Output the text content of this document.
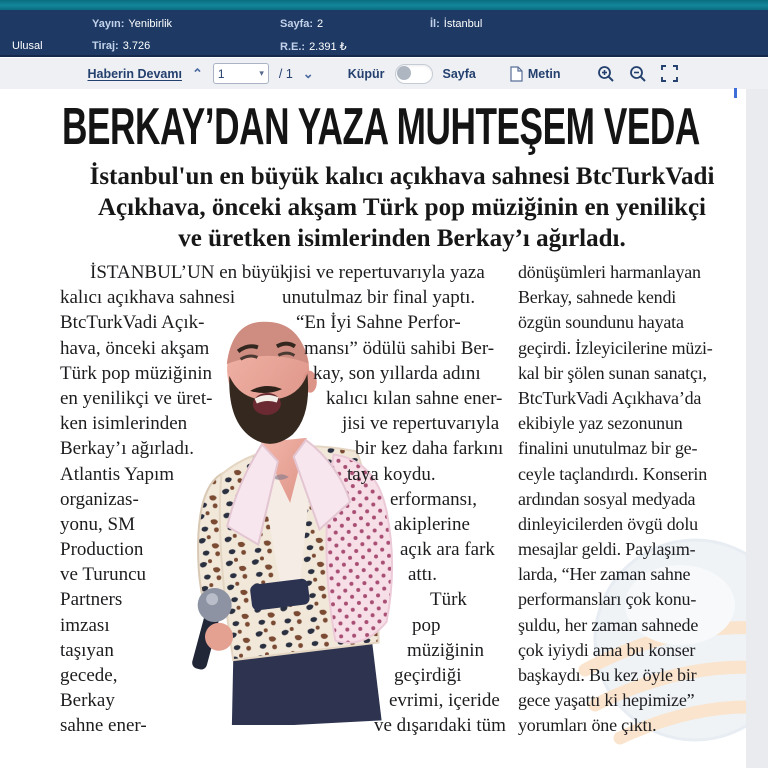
Ulusal
Yayın: Yenibirlik	Sayfa: 2	İl: İstanbul
Tiraj: 3.726	R.E.: 2.391 ₺
Haberin Devamı ⌃ 1	▾ / 1 ⌄	Küpür	Sayfa	Metin
BERKAY’DAN YAZA MUHTEŞEM VEDA
İstanbul'un en büyük kalıcı açıkhava sahnesi BtcTurkVadi
Açıkhava, önceki akşam Türk pop müziğinin en yenilikçi
ve üretken isimlerinden Berkay’ı ağırladı.
İSTANBUL’UN en büyük
kalıcı açıkhava sahnesi
BtcTurkVadi Açık-
hava, önceki akşam
Türk pop müziğinin
en yenilikçi ve üret-
ken isimlerinden
Berkay’ı ağırladı.
Atlantis Yapım
organizas-
yonu, SM
Production
ve Turuncu
Partners
imzası
taşıyan
gecede,
Berkay
sahne ener-
jisi ve repertuvarıyla yaza
unutulmaz bir final yaptı.
“En İyi Sahne Perfor-
mansı” ödülü sahibi Ber-
kay, son yıllarda adını
kalıcı kılan sahne ener-
jisi ve repertuvarıyla
bir kez daha farkını
taya koydu.
erformansı,
akiplerine
açık ara fark
attı.
Türk
pop
müziğinin
geçirdiği
evrimi, içeride
ve dışarıdaki tüm
dönüşümleri harmanlayan
Berkay, sahnede kendi
özgün soundunu hayata
geçirdi. İzleyicilerine müzi-
kal bir şölen sunan sanatçı,
BtcTurkVadi Açıkhava’da
ekibiyle yaz sezonunun
finalini unutulmaz bir ge-
ceyle taçlandırdı. Konserin
ardından sosyal medyada
dinleyicilerden övgü dolu
mesajlar geldi. Paylaşım-
larda, “Her zaman sahne
performansları çok konu-
şuldu, her zaman sahnede
çok iyiydi ama bu konser
başkaydı. Bu kez öyle bir
gece yaşattı ki hepimize”
yorumları öne çıktı.
